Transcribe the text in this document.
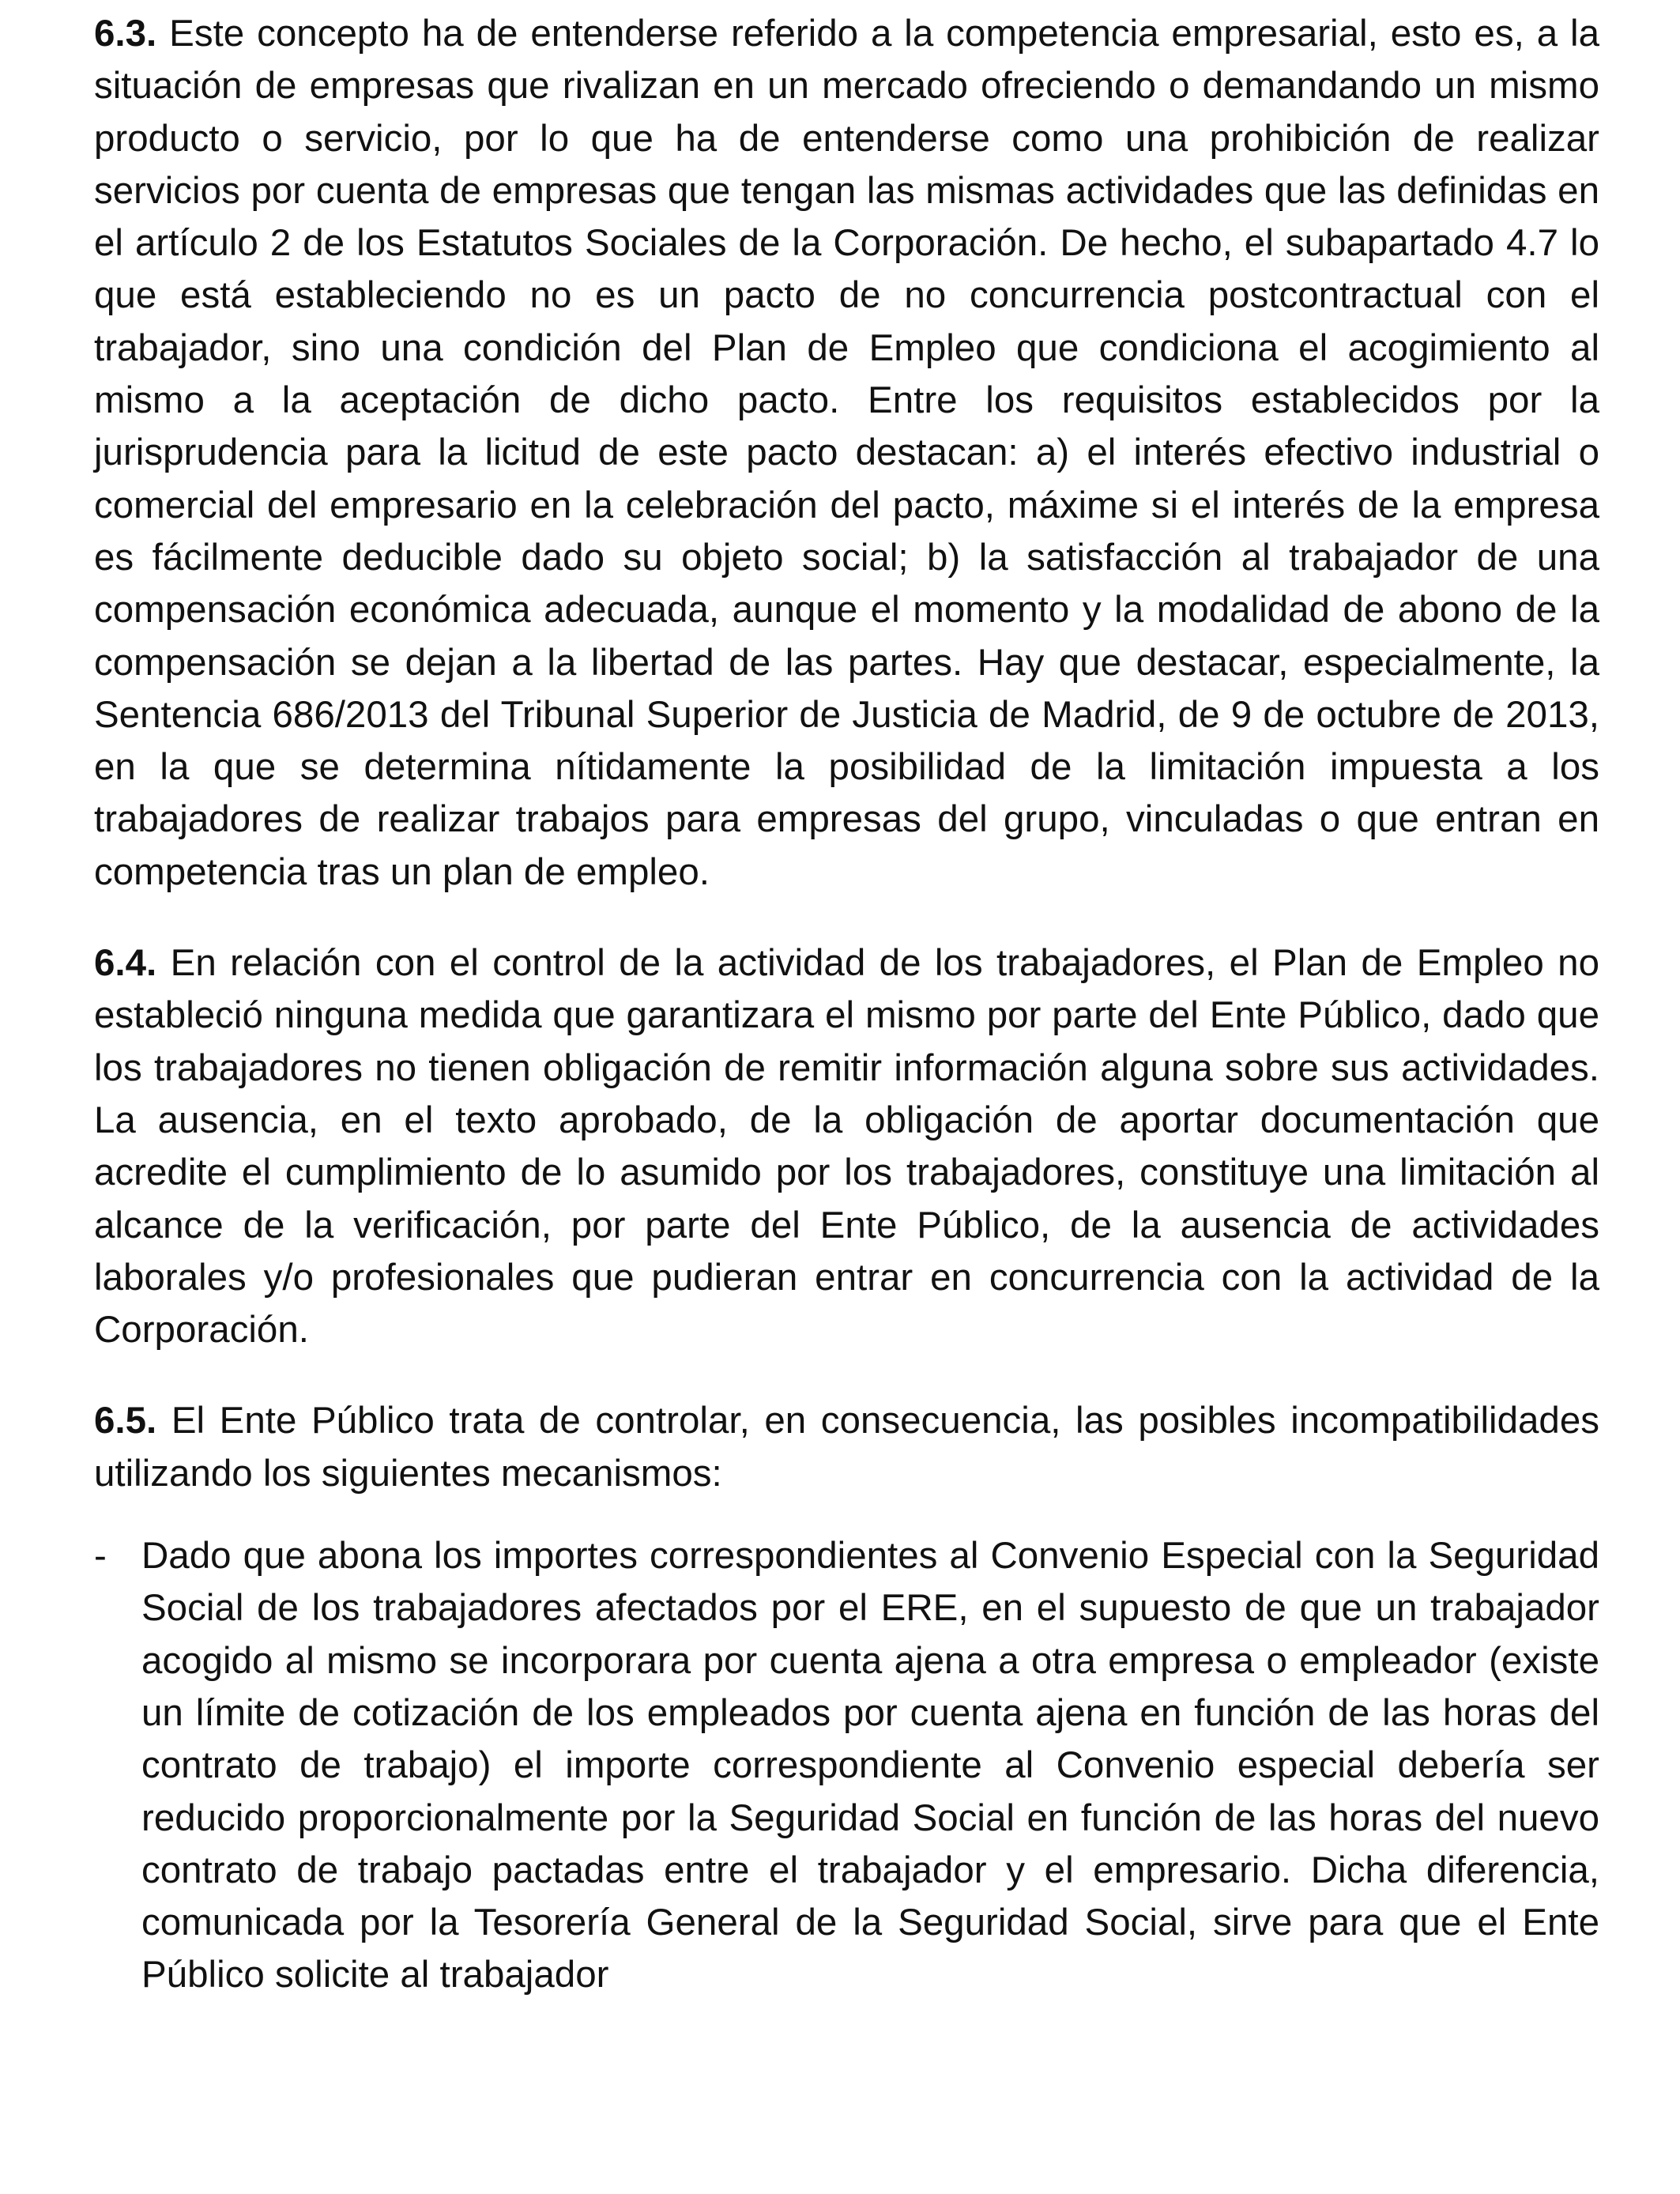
6.3. Este concepto ha de entenderse referido a la competencia empresarial, esto es, a la situación de empresas que rivalizan en un mercado ofreciendo o demandando un mismo producto o servicio, por lo que ha de entenderse como una prohibición de realizar servicios por cuenta de empresas que tengan las mismas actividades que las definidas en el artículo 2 de los Estatutos Sociales de la Corporación. De hecho, el subapartado 4.7 lo que está estableciendo no es un pacto de no concurrencia postcontractual con el trabajador, sino una condición del Plan de Empleo que condiciona el acogimiento al mismo a la aceptación de dicho pacto. Entre los requisitos establecidos por la jurisprudencia para la licitud de este pacto destacan: a) el interés efectivo industrial o comercial del empresario en la celebración del pacto, máxime si el interés de la empresa es fácilmente deducible dado su objeto social; b) la satisfacción al trabajador de una compensación económica adecuada, aunque el momento y la modalidad de abono de la compensación se dejan a la libertad de las partes. Hay que destacar, especialmente, la Sentencia 686/2013 del Tribunal Superior de Justicia de Madrid, de 9 de octubre de 2013, en la que se determina nítidamente la posibilidad de la limitación impuesta a los trabajadores de realizar trabajos para empresas del grupo, vinculadas o que entran en competencia tras un plan de empleo.

6.4. En relación con el control de la actividad de los trabajadores, el Plan de Empleo no estableció ninguna medida que garantizara el mismo por parte del Ente Público, dado que los trabajadores no tienen obligación de remitir información alguna sobre sus actividades. La ausencia, en el texto aprobado, de la obligación de aportar documentación que acredite el cumplimiento de lo asumido por los trabajadores, constituye una limitación al alcance de la verificación, por parte del Ente Público, de la ausencia de actividades laborales y/o profesionales que pudieran entrar en concurrencia con la actividad de la Corporación.

6.5. El Ente Público trata de controlar, en consecuencia, las posibles incompatibilidades utilizando los siguientes mecanismos:

- Dado que abona los importes correspondientes al Convenio Especial con la Seguridad Social de los trabajadores afectados por el ERE, en el supuesto de que un trabajador acogido al mismo se incorporara por cuenta ajena a otra empresa o empleador (existe un límite de cotización de los empleados por cuenta ajena en función de las horas del contrato de trabajo) el importe correspondiente al Convenio especial debería ser reducido proporcionalmente por la Seguridad Social en función de las horas del nuevo contrato de trabajo pactadas entre el trabajador y el empresario. Dicha diferencia, comunicada por la Tesorería General de la Seguridad Social, sirve para que el Ente Público solicite al trabajador
